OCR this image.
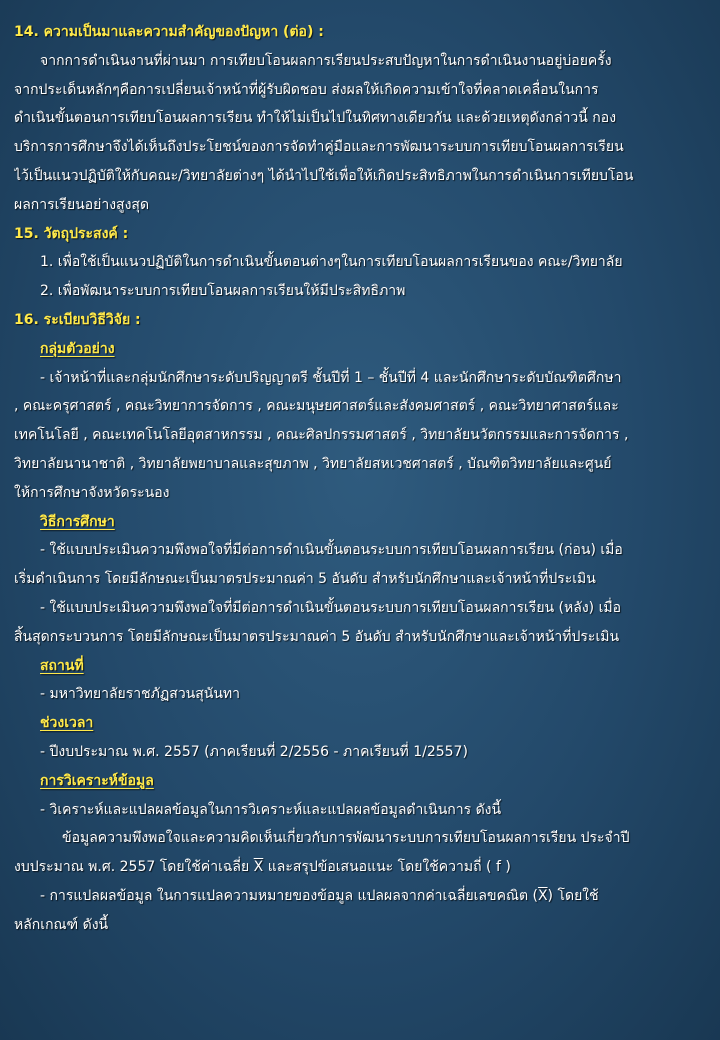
14. ความเป็นมาและความสำคัญของปัญหา (ต่อ) :
จากการดำเนินงานที่ผ่านมา การเทียบโอนผลการเรียนประสบปัญหาในการดำเนินงานอยู่บ่อยครั้ง
จากประเด็นหลักๆคือการเปลี่ยนเจ้าหน้าที่ผู้รับผิดชอบ ส่งผลให้เกิดความเข้าใจที่คลาดเคลื่อนในการ
ดำเนินขั้นตอนการเทียบโอนผลการเรียน ทำให้ไม่เป็นไปในทิศทางเดียวกัน และด้วยเหตุดังกล่าวนี้ กอง
บริการการศึกษาจึงได้เห็นถึงประโยชน์ของการจัดทำคู่มือและการพัฒนาระบบการเทียบโอนผลการเรียน
ไว้เป็นแนวปฏิบัติให้กับคณะ/วิทยาลัยต่างๆ ได้นำไปใช้เพื่อให้เกิดประสิทธิภาพในการดำเนินการเทียบโอน
ผลการเรียนอย่างสูงสุด
15. วัตถุประสงค์ :
1. เพื่อใช้เป็นแนวปฏิบัติในการดำเนินขั้นตอนต่างๆในการเทียบโอนผลการเรียนของ คณะ/วิทยาลัย
2. เพื่อพัฒนาระบบการเทียบโอนผลการเรียนให้มีประสิทธิภาพ
16. ระเบียบวิธีวิจัย :
กลุ่มตัวอย่าง
- เจ้าหน้าที่และกลุ่มนักศึกษาระดับปริญญาตรี ชั้นปีที่ 1 – ชั้นปีที่ 4 และนักศึกษาระดับบัณฑิตศึกษา
, คณะครุศาสตร์ , คณะวิทยาการจัดการ , คณะมนุษยศาสตร์และสังคมศาสตร์ , คณะวิทยาศาสตร์และ
เทคโนโลยี , คณะเทคโนโลยีอุตสาหกรรม , คณะศิลปกรรมศาสตร์ , วิทยาลัยนวัตกรรมและการจัดการ ,
วิทยาลัยนานาชาติ , วิทยาลัยพยาบาลและสุขภาพ , วิทยาลัยสหเวชศาสตร์ , บัณฑิตวิทยาลัยและศูนย์
ให้การศึกษาจังหวัดระนอง
วิธีการศึกษา
- ใช้แบบประเมินความพึงพอใจที่มีต่อการดำเนินขั้นตอนระบบการเทียบโอนผลการเรียน (ก่อน) เมื่อ
เริ่มดำเนินการ โดยมีลักษณะเป็นมาตรประมาณค่า 5 อันดับ สำหรับนักศึกษาและเจ้าหน้าที่ประเมิน
- ใช้แบบประเมินความพึงพอใจที่มีต่อการดำเนินขั้นตอนระบบการเทียบโอนผลการเรียน (หลัง) เมื่อ
สิ้นสุดกระบวนการ โดยมีลักษณะเป็นมาตรประมาณค่า 5 อันดับ สำหรับนักศึกษาและเจ้าหน้าที่ประเมิน
สถานที่
- มหาวิทยาลัยราชภัฏสวนสุนันทา
ช่วงเวลา
- ปีงบประมาณ พ.ศ. 2557 (ภาคเรียนที่ 2/2556 - ภาคเรียนที่ 1/2557)
การวิเคราะห์ข้อมูล
- วิเคราะห์และแปลผลข้อมูลในการวิเคราะห์และแปลผลข้อมูลดำเนินการ ดังนี้
ข้อมูลความพึงพอใจและความคิดเห็นเกี่ยวกับการพัฒนาระบบการเทียบโอนผลการเรียน ประจำปี
งบประมาณ พ.ศ. 2557 โดยใช้ค่าเฉลี่ย $\overline{X}$ และสรุปข้อเสนอแนะ โดยใช้ความถี่ ( f )
- การแปลผลข้อมูล ในการแปลความหมายของข้อมูล แปลผลจากค่าเฉลี่ยเลขคณิต $(\overline{X})$ โดยใช้
หลักเกณฑ์ ดังนี้
